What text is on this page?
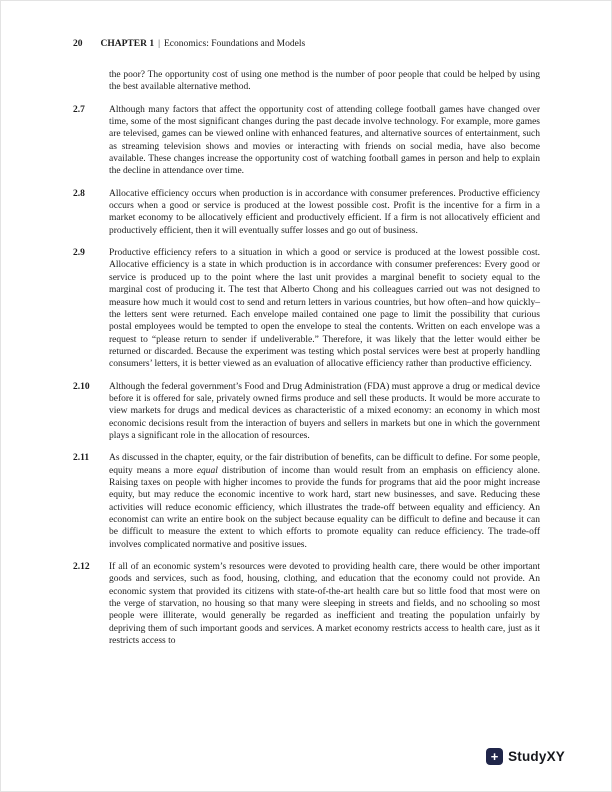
20 CHAPTER 1 | Economics: Foundations and Models
the poor? The opportunity cost of using one method is the number of poor people that could be helped by using the best available alternative method.
2.7	Although many factors that affect the opportunity cost of attending college football games have changed over time, some of the most significant changes during the past decade involve technology. For example, more games are televised, games can be viewed online with enhanced features, and alternative sources of entertainment, such as streaming television shows and movies or interacting with friends on social media, have also become available. These changes increase the opportunity cost of watching football games in person and help to explain the decline in attendance over time.
2.8	Allocative efficiency occurs when production is in accordance with consumer preferences. Productive efficiency occurs when a good or service is produced at the lowest possible cost. Profit is the incentive for a firm in a market economy to be allocatively efficient and productively efficient. If a firm is not allocatively efficient and productively efficient, then it will eventually suffer losses and go out of business.
2.9	Productive efficiency refers to a situation in which a good or service is produced at the lowest possible cost. Allocative efficiency is a state in which production is in accordance with consumer preferences: Every good or service is produced up to the point where the last unit provides a marginal benefit to society equal to the marginal cost of producing it. The test that Alberto Chong and his colleagues carried out was not designed to measure how much it would cost to send and return letters in various countries, but how often–and how quickly–the letters sent were returned. Each envelope mailed contained one page to limit the possibility that curious postal employees would be tempted to open the envelope to steal the contents. Written on each envelope was a request to “please return to sender if undeliverable.” Therefore, it was likely that the letter would either be returned or discarded. Because the experiment was testing which postal services were best at properly handling consumers’ letters, it is better viewed as an evaluation of allocative efficiency rather than productive efficiency.
2.10	Although the federal government’s Food and Drug Administration (FDA) must approve a drug or medical device before it is offered for sale, privately owned firms produce and sell these products. It would be more accurate to view markets for drugs and medical devices as characteristic of a mixed economy: an economy in which most economic decisions result from the interaction of buyers and sellers in markets but one in which the government plays a significant role in the allocation of resources.
2.11	As discussed in the chapter, equity, or the fair distribution of benefits, can be difficult to define. For some people, equity means a more equal distribution of income than would result from an emphasis on efficiency alone. Raising taxes on people with higher incomes to provide the funds for programs that aid the poor might increase equity, but may reduce the economic incentive to work hard, start new businesses, and save. Reducing these activities will reduce economic efficiency, which illustrates the trade-off between equality and efficiency. An economist can write an entire book on the subject because equality can be difficult to define and because it can be difficult to measure the extent to which efforts to promote equality can reduce efficiency. The trade-off involves complicated normative and positive issues.
2.12	If all of an economic system’s resources were devoted to providing health care, there would be other important goods and services, such as food, housing, clothing, and education that the economy could not provide. An economic system that provided its citizens with state-of-the-art health care but so little food that most were on the verge of starvation, no housing so that many were sleeping in streets and fields, and no schooling so most people were illiterate, would generally be regarded as inefficient and treating the population unfairly by depriving them of such important goods and services. A market economy restricts access to health care, just as it restricts access to
+ StudyXY
